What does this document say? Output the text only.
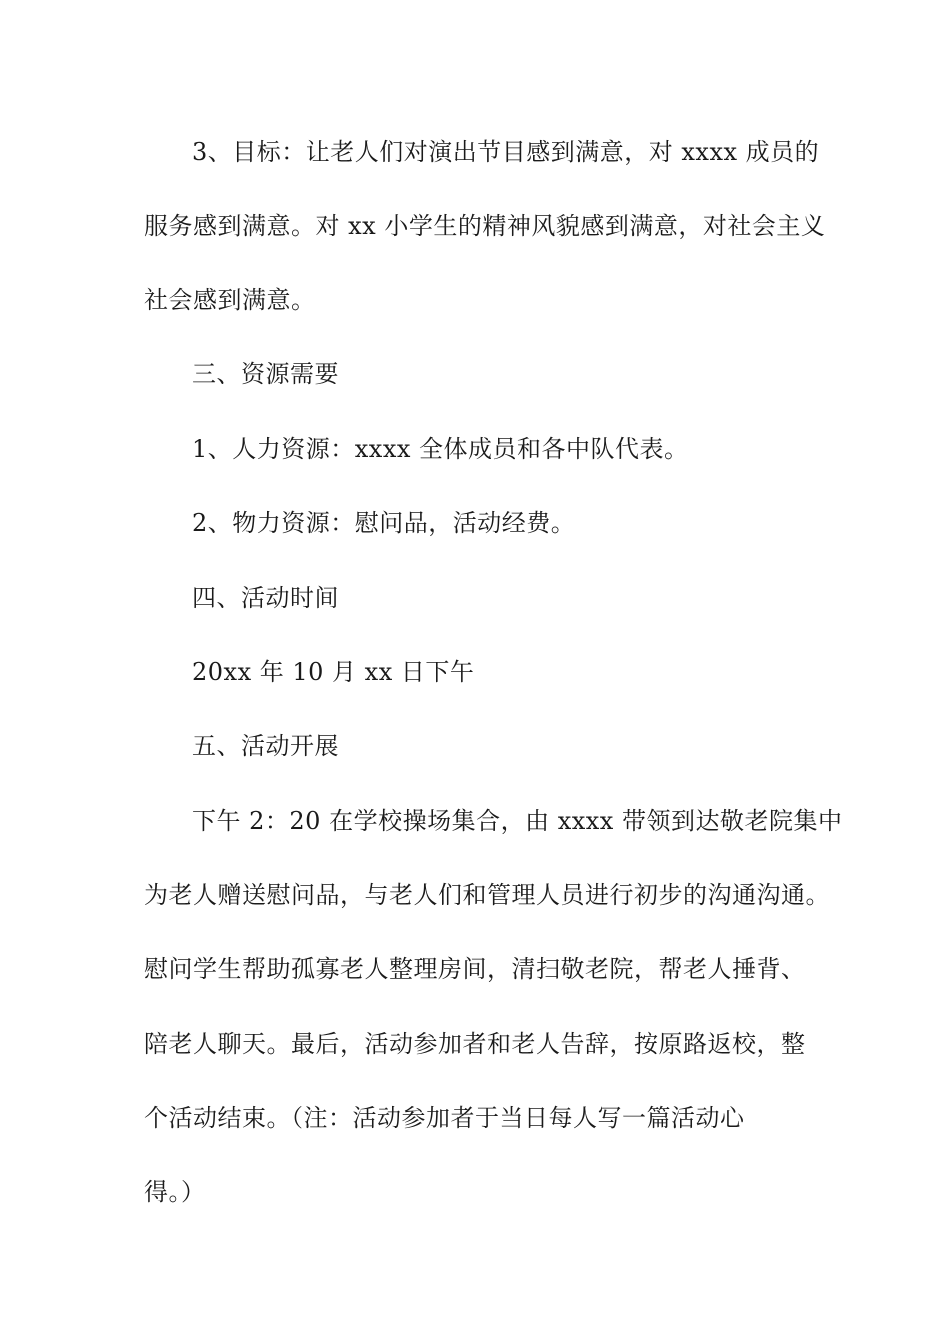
3、目标：让老人们对演出节目感到满意，对 xxxx 成员的
服务感到满意。对 xx 小学生的精神风貌感到满意，对社会主义
社会感到满意。
三、资源需要
1、人力资源：xxxx 全体成员和各中队代表。
2、物力资源：慰问品，活动经费。
四、活动时间
20xx 年 10 月 xx 日下午
五、活动开展
下午 2：20 在学校操场集合，由 xxxx 带领到达敬老院集中
为老人赠送慰问品，与老人们和管理人员进行初步的沟通沟通。
慰问学生帮助孤寡老人整理房间，清扫敬老院，帮老人捶背、
陪老人聊天。最后，活动参加者和老人告辞，按原路返校，整
个活动结束。（注：活动参加者于当日每人写一篇活动心
得。）
